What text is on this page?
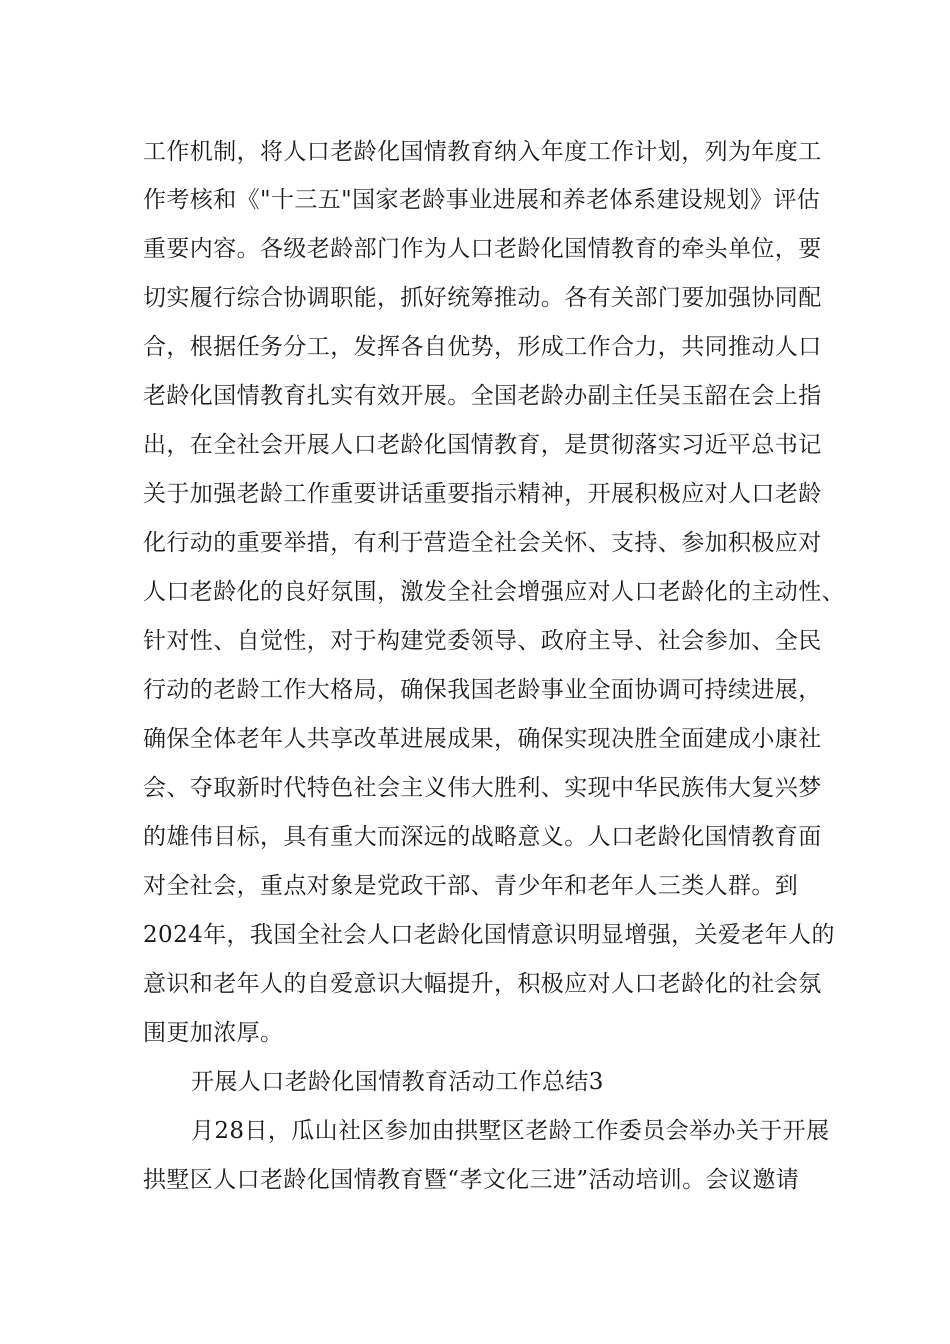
工作机制，将人口老龄化国情教育纳入年度工作计划，列为年度工
作考核和《"十三五"国家老龄事业进展和养老体系建设规划》评估
重要内容。各级老龄部门作为人口老龄化国情教育的牵头单位，要
切实履行综合协调职能，抓好统筹推动。各有关部门要加强协同配
合，根据任务分工，发挥各自优势，形成工作合力，共同推动人口
老龄化国情教育扎实有效开展。全国老龄办副主任吴玉韶在会上指
出，在全社会开展人口老龄化国情教育，是贯彻落实习近平总书记
关于加强老龄工作重要讲话重要指示精神，开展积极应对人口老龄
化行动的重要举措，有利于营造全社会关怀、支持、参加积极应对
人口老龄化的良好氛围，激发全社会增强应对人口老龄化的主动性、
针对性、自觉性，对于构建党委领导、政府主导、社会参加、全民
行动的老龄工作大格局，确保我国老龄事业全面协调可持续进展，
确保全体老年人共享改革进展成果，确保实现决胜全面建成小康社
会、夺取新时代特色社会主义伟大胜利、实现中华民族伟大复兴梦
的雄伟目标，具有重大而深远的战略意义。人口老龄化国情教育面
对全社会，重点对象是党政干部、青少年和老年人三类人群。到
2024年，我国全社会人口老龄化国情意识明显增强，关爱老年人的
意识和老年人的自爱意识大幅提升，积极应对人口老龄化的社会氛
围更加浓厚。
开展人口老龄化国情教育活动工作总结3
月28日，瓜山社区参加由拱墅区老龄工作委员会举办关于开展
拱墅区人口老龄化国情教育暨“孝文化三进”活动培训。会议邀请
